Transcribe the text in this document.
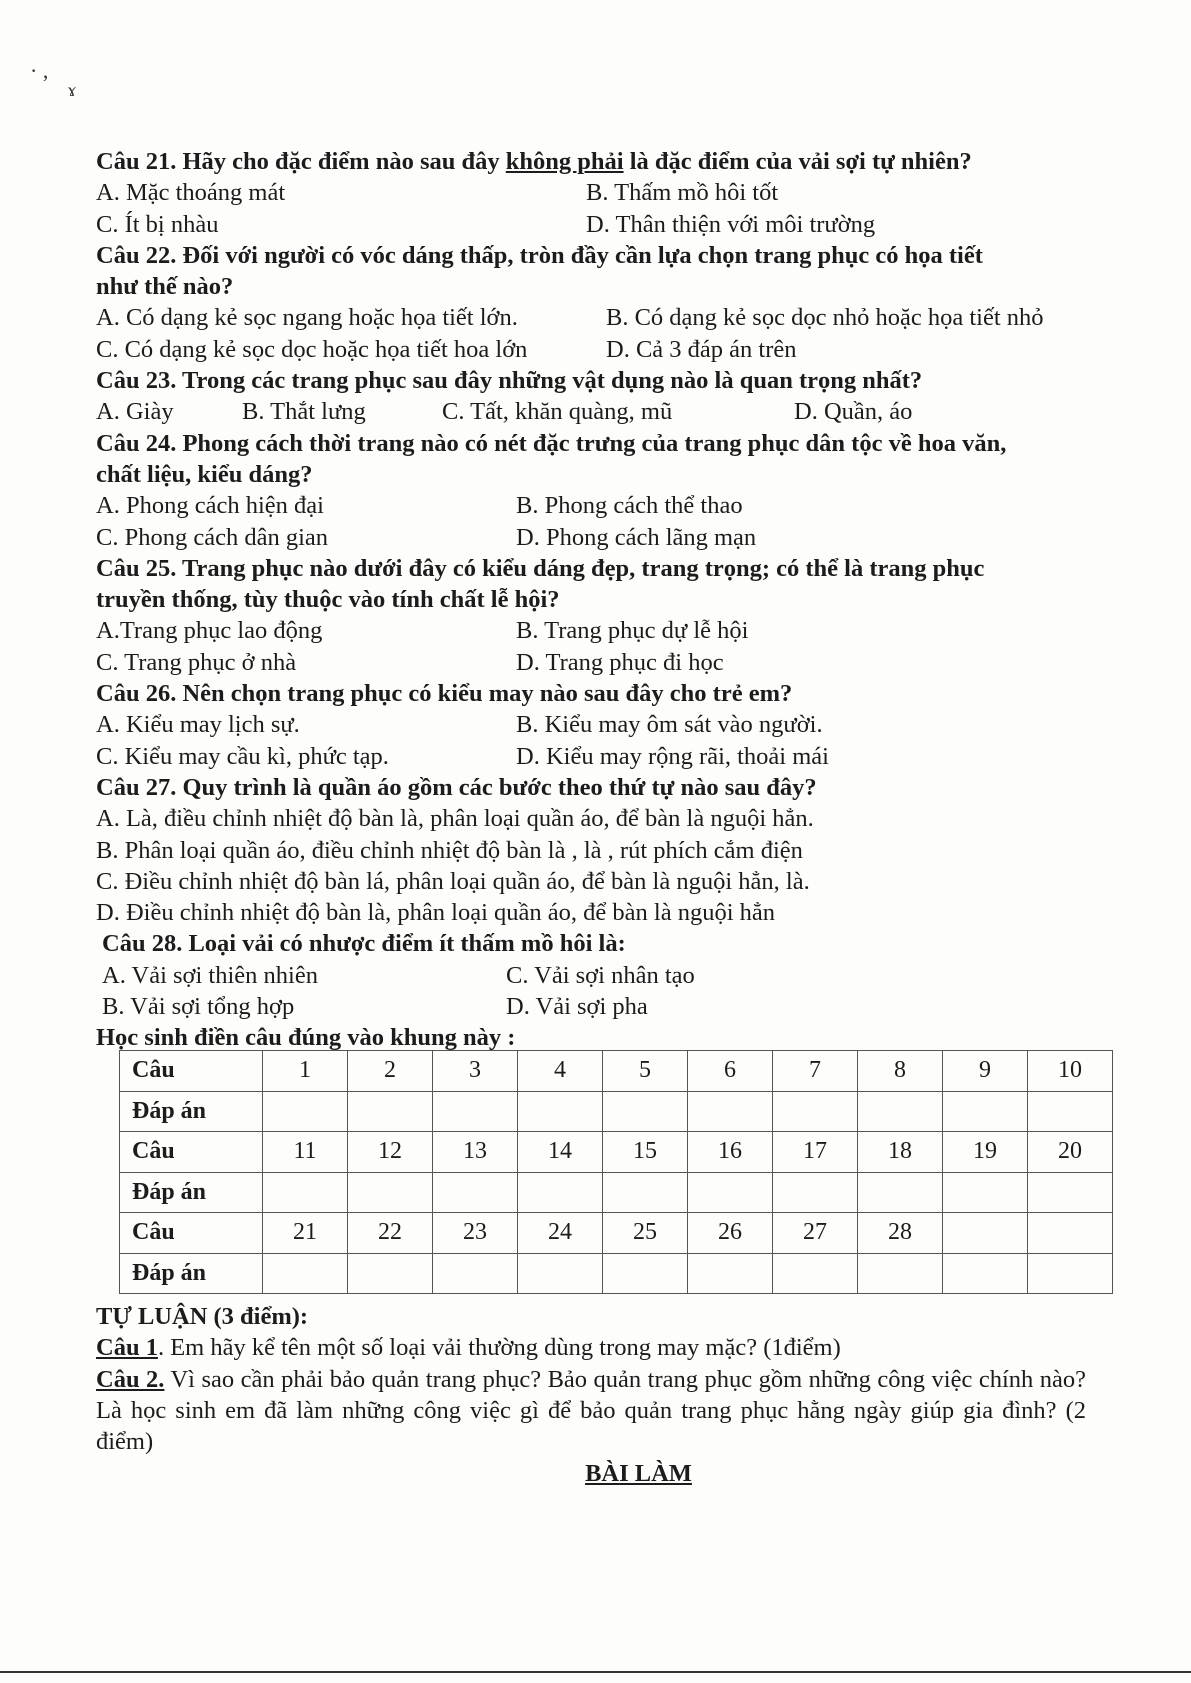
· ,
ɤ
Câu 21. Hãy cho đặc điểm nào sau đây không phải là đặc điểm của vải sợi tự nhiên?
A. Mặc thoáng mát	B. Thấm mồ hôi tốt
C. Ít bị nhàu	D. Thân thiện với môi trường
Câu 22. Đối với người có vóc dáng thấp, tròn đầy cần lựa chọn trang phục có họa tiết
như thế nào?
A. Có dạng kẻ sọc ngang hoặc họa tiết lớn.	B. Có dạng kẻ sọc dọc nhỏ hoặc họa tiết nhỏ
C. Có dạng kẻ sọc dọc hoặc họa tiết hoa lớn	D. Cả 3 đáp án trên
Câu 23. Trong các trang phục sau đây những vật dụng nào là quan trọng nhất?
A. Giày	B. Thắt lưng	C. Tất, khăn quàng, mũ	D. Quần, áo
Câu 24. Phong cách thời trang nào có nét đặc trưng của trang phục dân tộc về hoa văn,
chất liệu, kiểu dáng?
A. Phong cách hiện đại	B. Phong cách thể thao
C. Phong cách dân gian	D. Phong cách lãng mạn
Câu 25. Trang phục nào dưới đây có kiểu dáng đẹp, trang trọng; có thể là trang phục
truyền thống, tùy thuộc vào tính chất lễ hội?
A.Trang phục lao động	B. Trang phục dự lễ hội
C. Trang phục ở nhà	D. Trang phục đi học
Câu 26. Nên chọn trang phục có kiểu may nào sau đây cho trẻ em?
A. Kiểu may lịch sự.	B. Kiểu may ôm sát vào người.
C. Kiểu may cầu kì, phức tạp.	D. Kiểu may rộng rãi, thoải mái
Câu 27. Quy trình là quần áo gồm các bước theo thứ tự nào sau đây?
A. Là, điều chỉnh nhiệt độ bàn là, phân loại quần áo, để bàn là nguội hẳn.
B. Phân loại quần áo, điều chỉnh nhiệt độ bàn là , là , rút phích cắm điện
C. Điều chỉnh nhiệt độ bàn lá, phân loại quần áo, để bàn là nguội hẳn, là.
D. Điều chỉnh nhiệt độ bàn là, phân loại quần áo, để bàn là nguội hẳn
Câu 28. Loại vải có nhược điểm ít thấm mồ hôi là:
A. Vải sợi thiên nhiên	C. Vải sợi nhân tạo
B. Vải sợi tổng hợp	D. Vải sợi pha
Học sinh điền câu đúng vào khung này :
Câu	1	2	3	4	5	6	7	8	9	10
Đáp án										
Câu	11	12	13	14	15	16	17	18	19	20
Đáp án										
Câu	21	22	23	24	25	26	27	28		
Đáp án										
TỰ LUẬN (3 điểm):
Câu 1. Em hãy kể tên một số loại vải thường dùng trong may mặc? (1điểm)
Câu 2. Vì sao cần phải bảo quản trang phục? Bảo quản trang phục gồm những công việc chính nào? Là học sinh em đã làm những công việc gì để bảo quản trang phục hằng ngày giúp gia đình? (2 điểm)
BÀI LÀM
